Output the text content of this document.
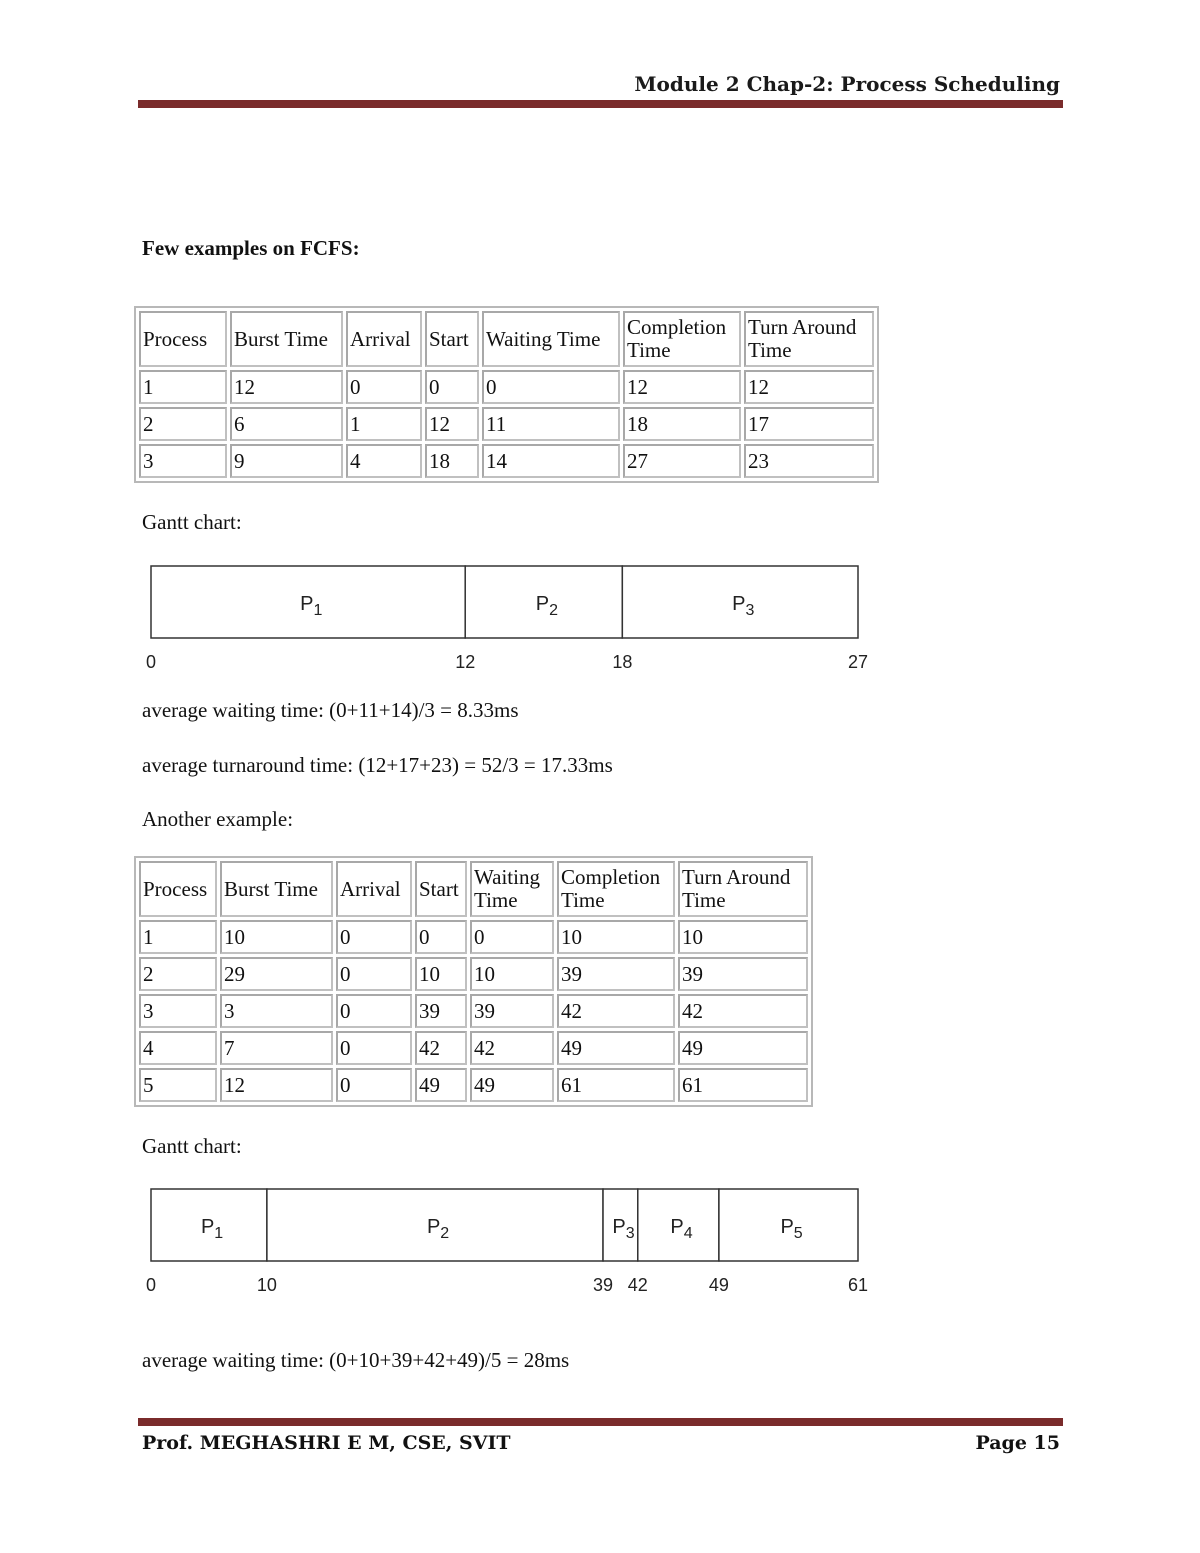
Module 2 Chap-2: Process Scheduling
Few examples on FCFS:
Process	Burst Time	Arrival	Start	Waiting Time	Completion Time	Turn Around Time
1	12	0	0	0	12	12
2	6	1	12	11	18	17
3	9	4	18	14	27	23
Gantt chart:
$P_1$	$P_2$	$P_3$
0	12	18	27
average waiting time: (0+11+14)/3 = 8.33ms
average turnaround time: (12+17+23) = 52/3 = 17.33ms
Another example:
Process	Burst Time	Arrival	Start	Waiting Time	Completion Time	Turn Around Time
1	10	0	0	0	10	10
2	29	0	10	10	39	39
3	3	0	39	39	42	42
4	7	0	42	42	49	49
5	12	0	49	49	61	61
Gantt chart:
$P_1$	$P_2$	$P_3$ $P_4$	$P_5$
0	10	39 42	49	61
average waiting time: (0+10+39+42+49)/5 = 28ms
Prof. MEGHASHRI E M, CSE, SVIT	Page 15
